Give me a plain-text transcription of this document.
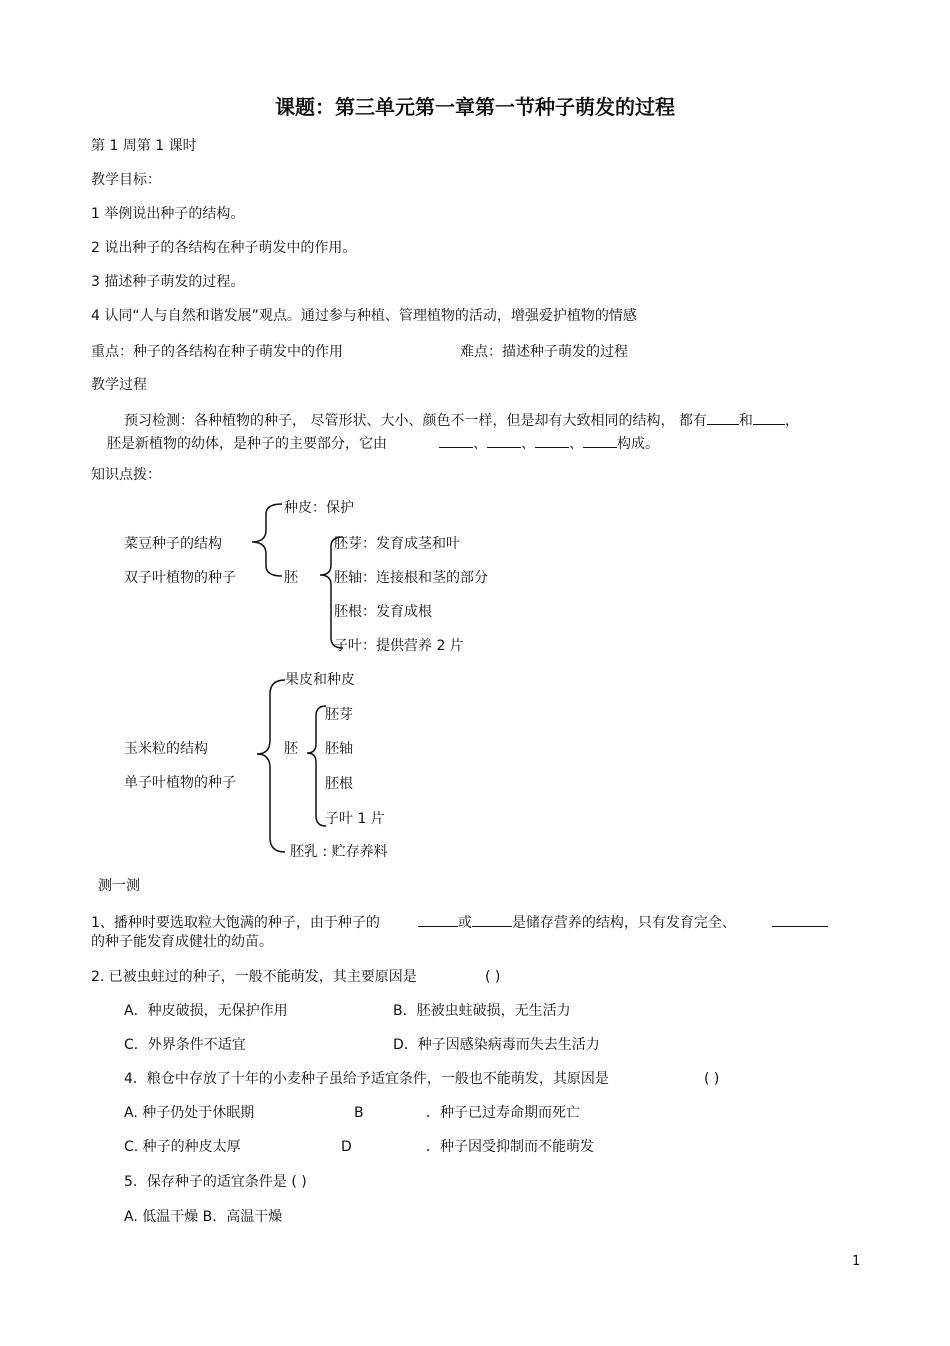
课题：第三单元第一章第一节种子萌发的过程
第 1 周第 1 课时
教学目标：
1 举例说出种子的结构。
2 说出种子的各结构在种子萌发中的作用。
3 描述种子萌发的过程。
4 认同“人与自然和谐发展”观点。通过参与种植、管理植物的活动，增强爱护植物的情感
重点：种子的各结构在种子萌发中的作用	难点：描述种子萌发的过程
教学过程
预习检测：各种植物的种子， 尽管形状、大小、颜色不一样，但是却有大致相同的结构， 都有 和 ，
胚是新植物的幼体，是种子的主要部分，它由	、 、 、 构成。
知识点拨：
菜豆种子的结构
双子叶植物的种子
种皮：保护
胚
胚芽：发育成茎和叶
胚轴：连接根和茎的部分
胚根：发育成根
子叶：提供营养 2 片
玉米粒的结构
单子叶植物的种子
果皮和种皮
胚
胚芽
胚轴
胚根
子叶 1 片
胚乳 : 贮存养料
测一测
1、播种时要选取粒大饱满的种子，由于种子的	或	是储存营养的结构，只有发育完全、
的种子能发育成健壮的幼苗。
2. 已被虫蛀过的种子，一般不能萌发，其主要原因是	( )
A．种皮破损，无保护作用	B．胚被虫蛀破损，无生活力
C．外界条件不适宜	D．种子因感染病毒而失去生活力
4．粮仓中存放了十年的小麦种子虽给予适宜条件，一般也不能萌发，其原因是	( )
A. 种子仍处于休眠期	B	．种子已过寿命期而死亡
C. 种子的种皮太厚	D	．种子因受抑制而不能萌发
5．保存种子的适宜条件是 ( )
A. 低温干燥 B．高温干燥
1
